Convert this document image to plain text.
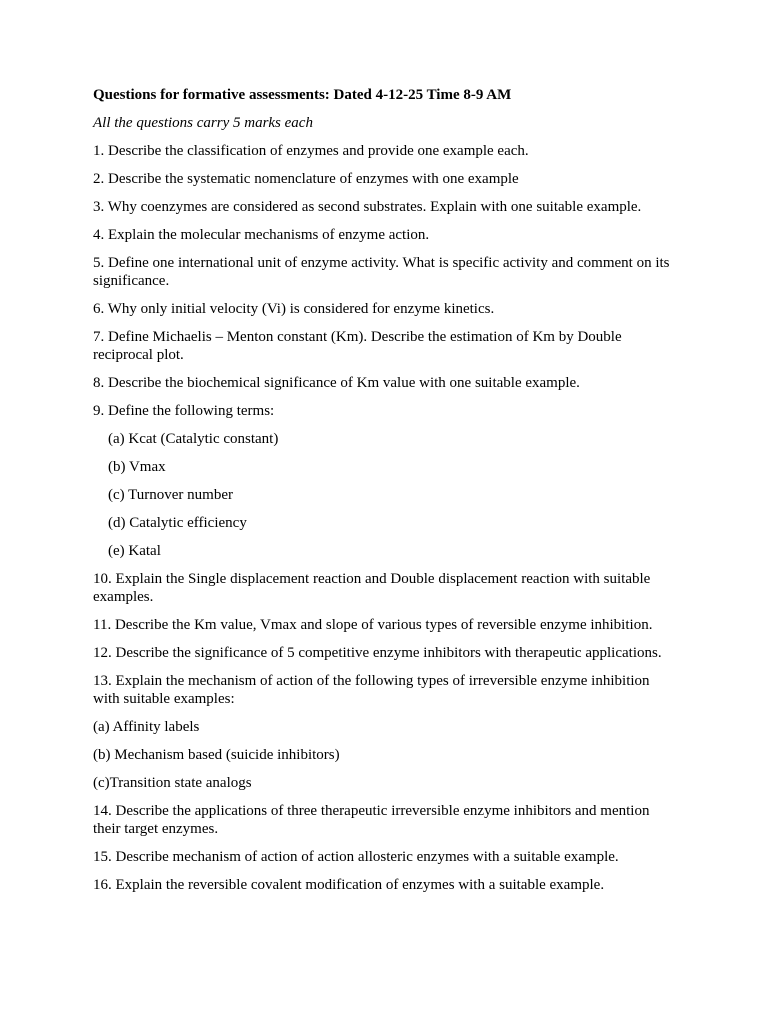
Questions for formative assessments: Dated 4-12-25 Time 8-9 AM
All the questions carry 5 marks each
1. Describe the classification of enzymes and provide one example each.
2. Describe the systematic nomenclature of enzymes with one example
3. Why coenzymes are considered as second substrates. Explain with one suitable example.
4. Explain the molecular mechanisms of enzyme action.
5. Define one international unit of enzyme activity. What is specific activity and comment on its significance.
6. Why only initial velocity (Vi) is considered for enzyme kinetics.
7. Define Michaelis – Menton constant (Km). Describe the estimation of Km by Double reciprocal plot.
8. Describe the biochemical significance of Km value with one suitable example.
9. Define the following terms:
(a) Kcat (Catalytic constant)
(b) Vmax
(c) Turnover number
(d) Catalytic efficiency
(e) Katal
10. Explain the Single displacement reaction and Double displacement reaction with suitable examples.
11. Describe the Km value, Vmax and slope of various types of reversible enzyme inhibition.
12. Describe the significance of 5 competitive enzyme inhibitors with therapeutic applications.
13. Explain the mechanism of action of the following types of irreversible enzyme inhibition with suitable examples:
(a) Affinity labels
(b) Mechanism based (suicide inhibitors)
(c)Transition state analogs
14. Describe the applications of three therapeutic irreversible enzyme inhibitors and mention their target enzymes.
15. Describe mechanism of action of action allosteric enzymes with a suitable example.
16. Explain the reversible covalent modification of enzymes with a suitable example.
